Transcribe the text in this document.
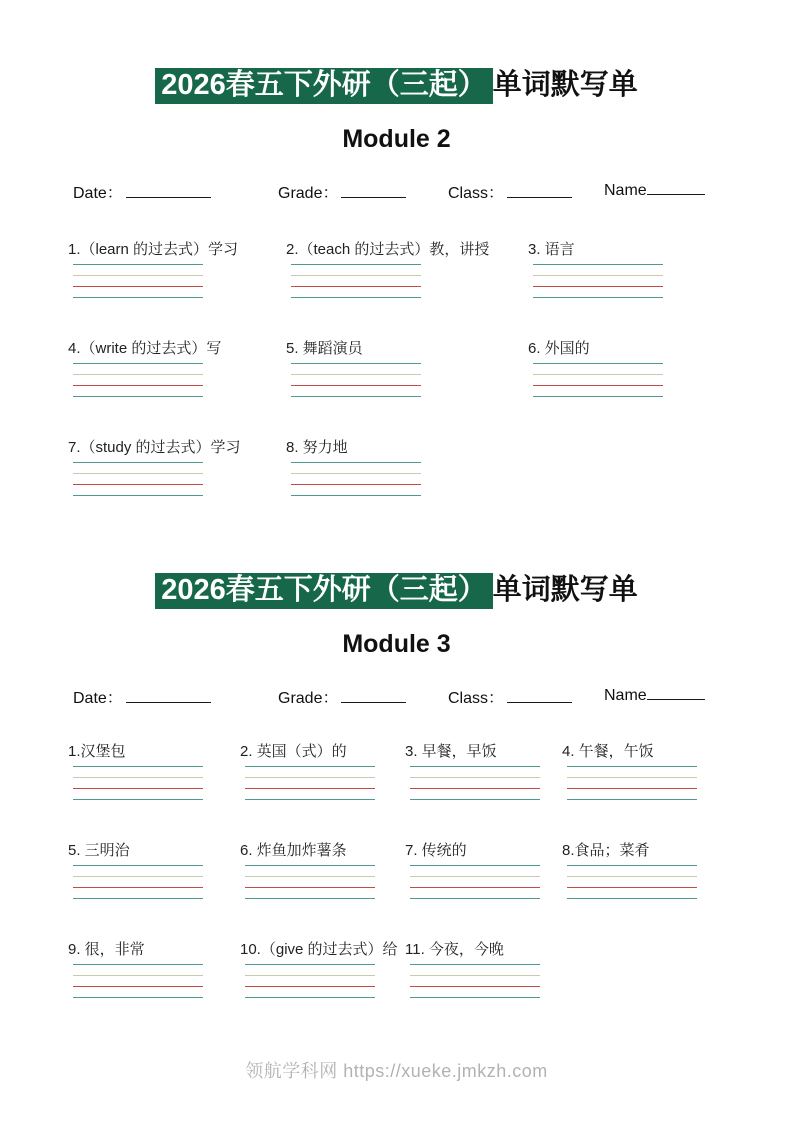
2026春五下外研（三起） 单词默写单
Module 2
Date：	Grade：	Class：	Name
1.（learn 的过去式）学习	2.（teach 的过去式）教，讲授	3. 语言
4.（write 的过去式）写	5. 舞蹈演员	6. 外国的
7.（study 的过去式）学习	8. 努力地
2026春五下外研（三起） 单词默写单
Module 3
Date：	Grade：	Class：	Name
1.汉堡包	2. 英国（式）的	3. 早餐，早饭	4. 午餐，午饭
5. 三明治	6. 炸鱼加炸薯条	7. 传统的	8.食品；菜肴
9. 很，非常	10.（give 的过去式）给 11. 今夜，今晚
领航学科网 https://xueke.jmkzh.com
